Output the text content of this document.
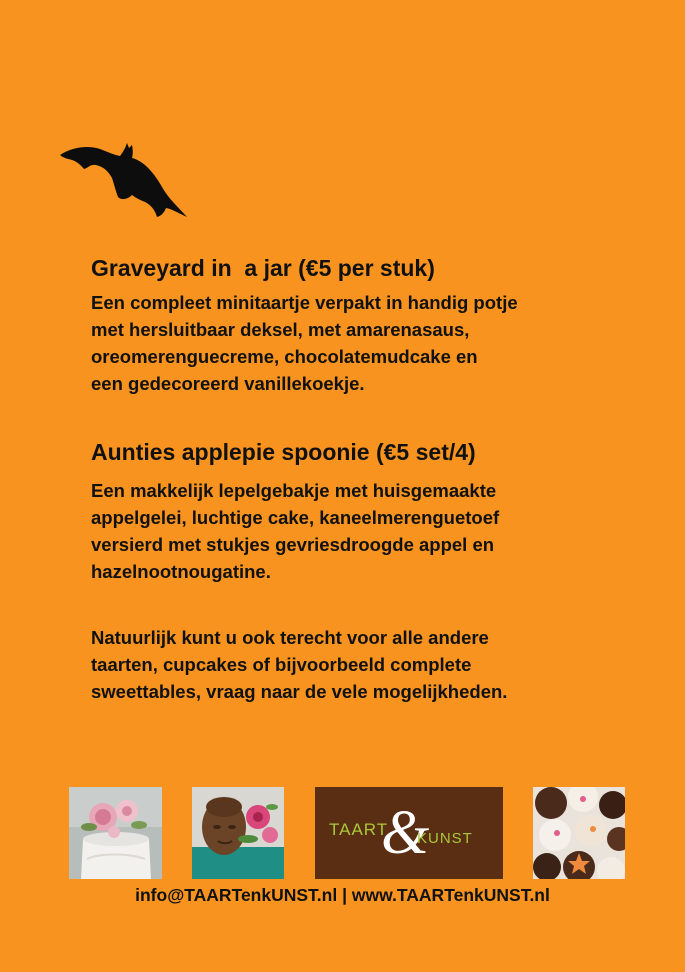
Graveyard in  a jar (€5 per stuk)

Een compleet minitaartje verpakt in handig potje
met hersluitbaar deksel, met amarenasaus,
oreomerenguecreme, chocolatemudcake en
een gedecoreerd vanillekoekje.

Aunties applepie spoonie (€5 set/4)

Een makkelijk lepelgebakje met huisgemaakte
appelgelei, luchtige cake, kaneelmerenguetoef
versierd met stukjes gevriesdroogde appel en
hazelnootnougatine.

Natuurlijk kunt u ook terecht voor alle andere
taarten, cupcakes of bijvoorbeeld complete
sweettables, vraag naar de vele mogelijkheden.

TAART
&
KUNST
info@TAARTenkUNST.nl | www.TAARTenkUNST.nl
